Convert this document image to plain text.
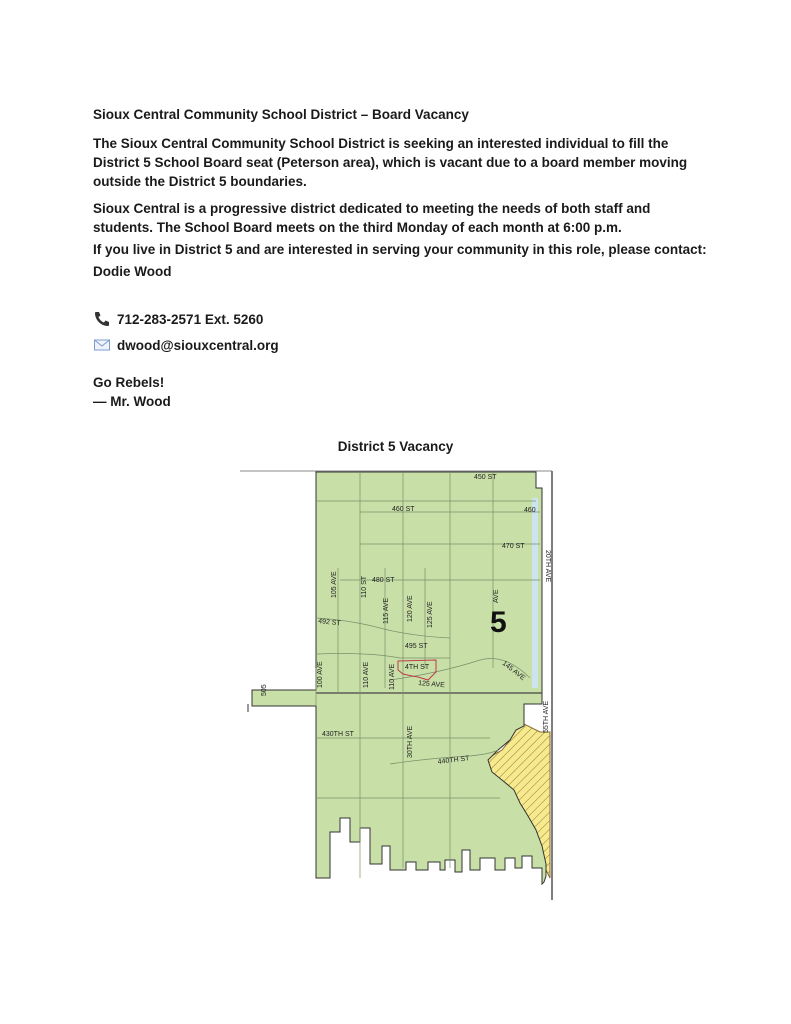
Sioux Central Community School District – Board Vacancy

The Sioux Central Community School District is seeking an interested individual to fill the District 5 School Board seat (Peterson area), which is vacant due to a board member moving outside the District 5 boundaries.

Sioux Central is a progressive district dedicated to meeting the needs of both staff and students. The School Board meets on the third Monday of each month at 6:00 p.m.

If you live in District 5 and are interested in serving your community in this role, please contact:

Dodie Wood

712-283-2571 Ext. 5260
dwood@siouxcentral.org

Go Rebels!

— Mr. Wood

District 5 Vacancy
450 ST
460 ST	460
470 ST
480 ST
492 ST
495 ST
4TH ST
125 AVE
145 AVE
430TH ST
440TH ST
100 AVE
105 AVE	110 ST
110 AVE
115 AVE 120 AVE 125 AVE
110 AVE
30TH AVE
55TH AVE
20TH AVE
505
AVE
5
